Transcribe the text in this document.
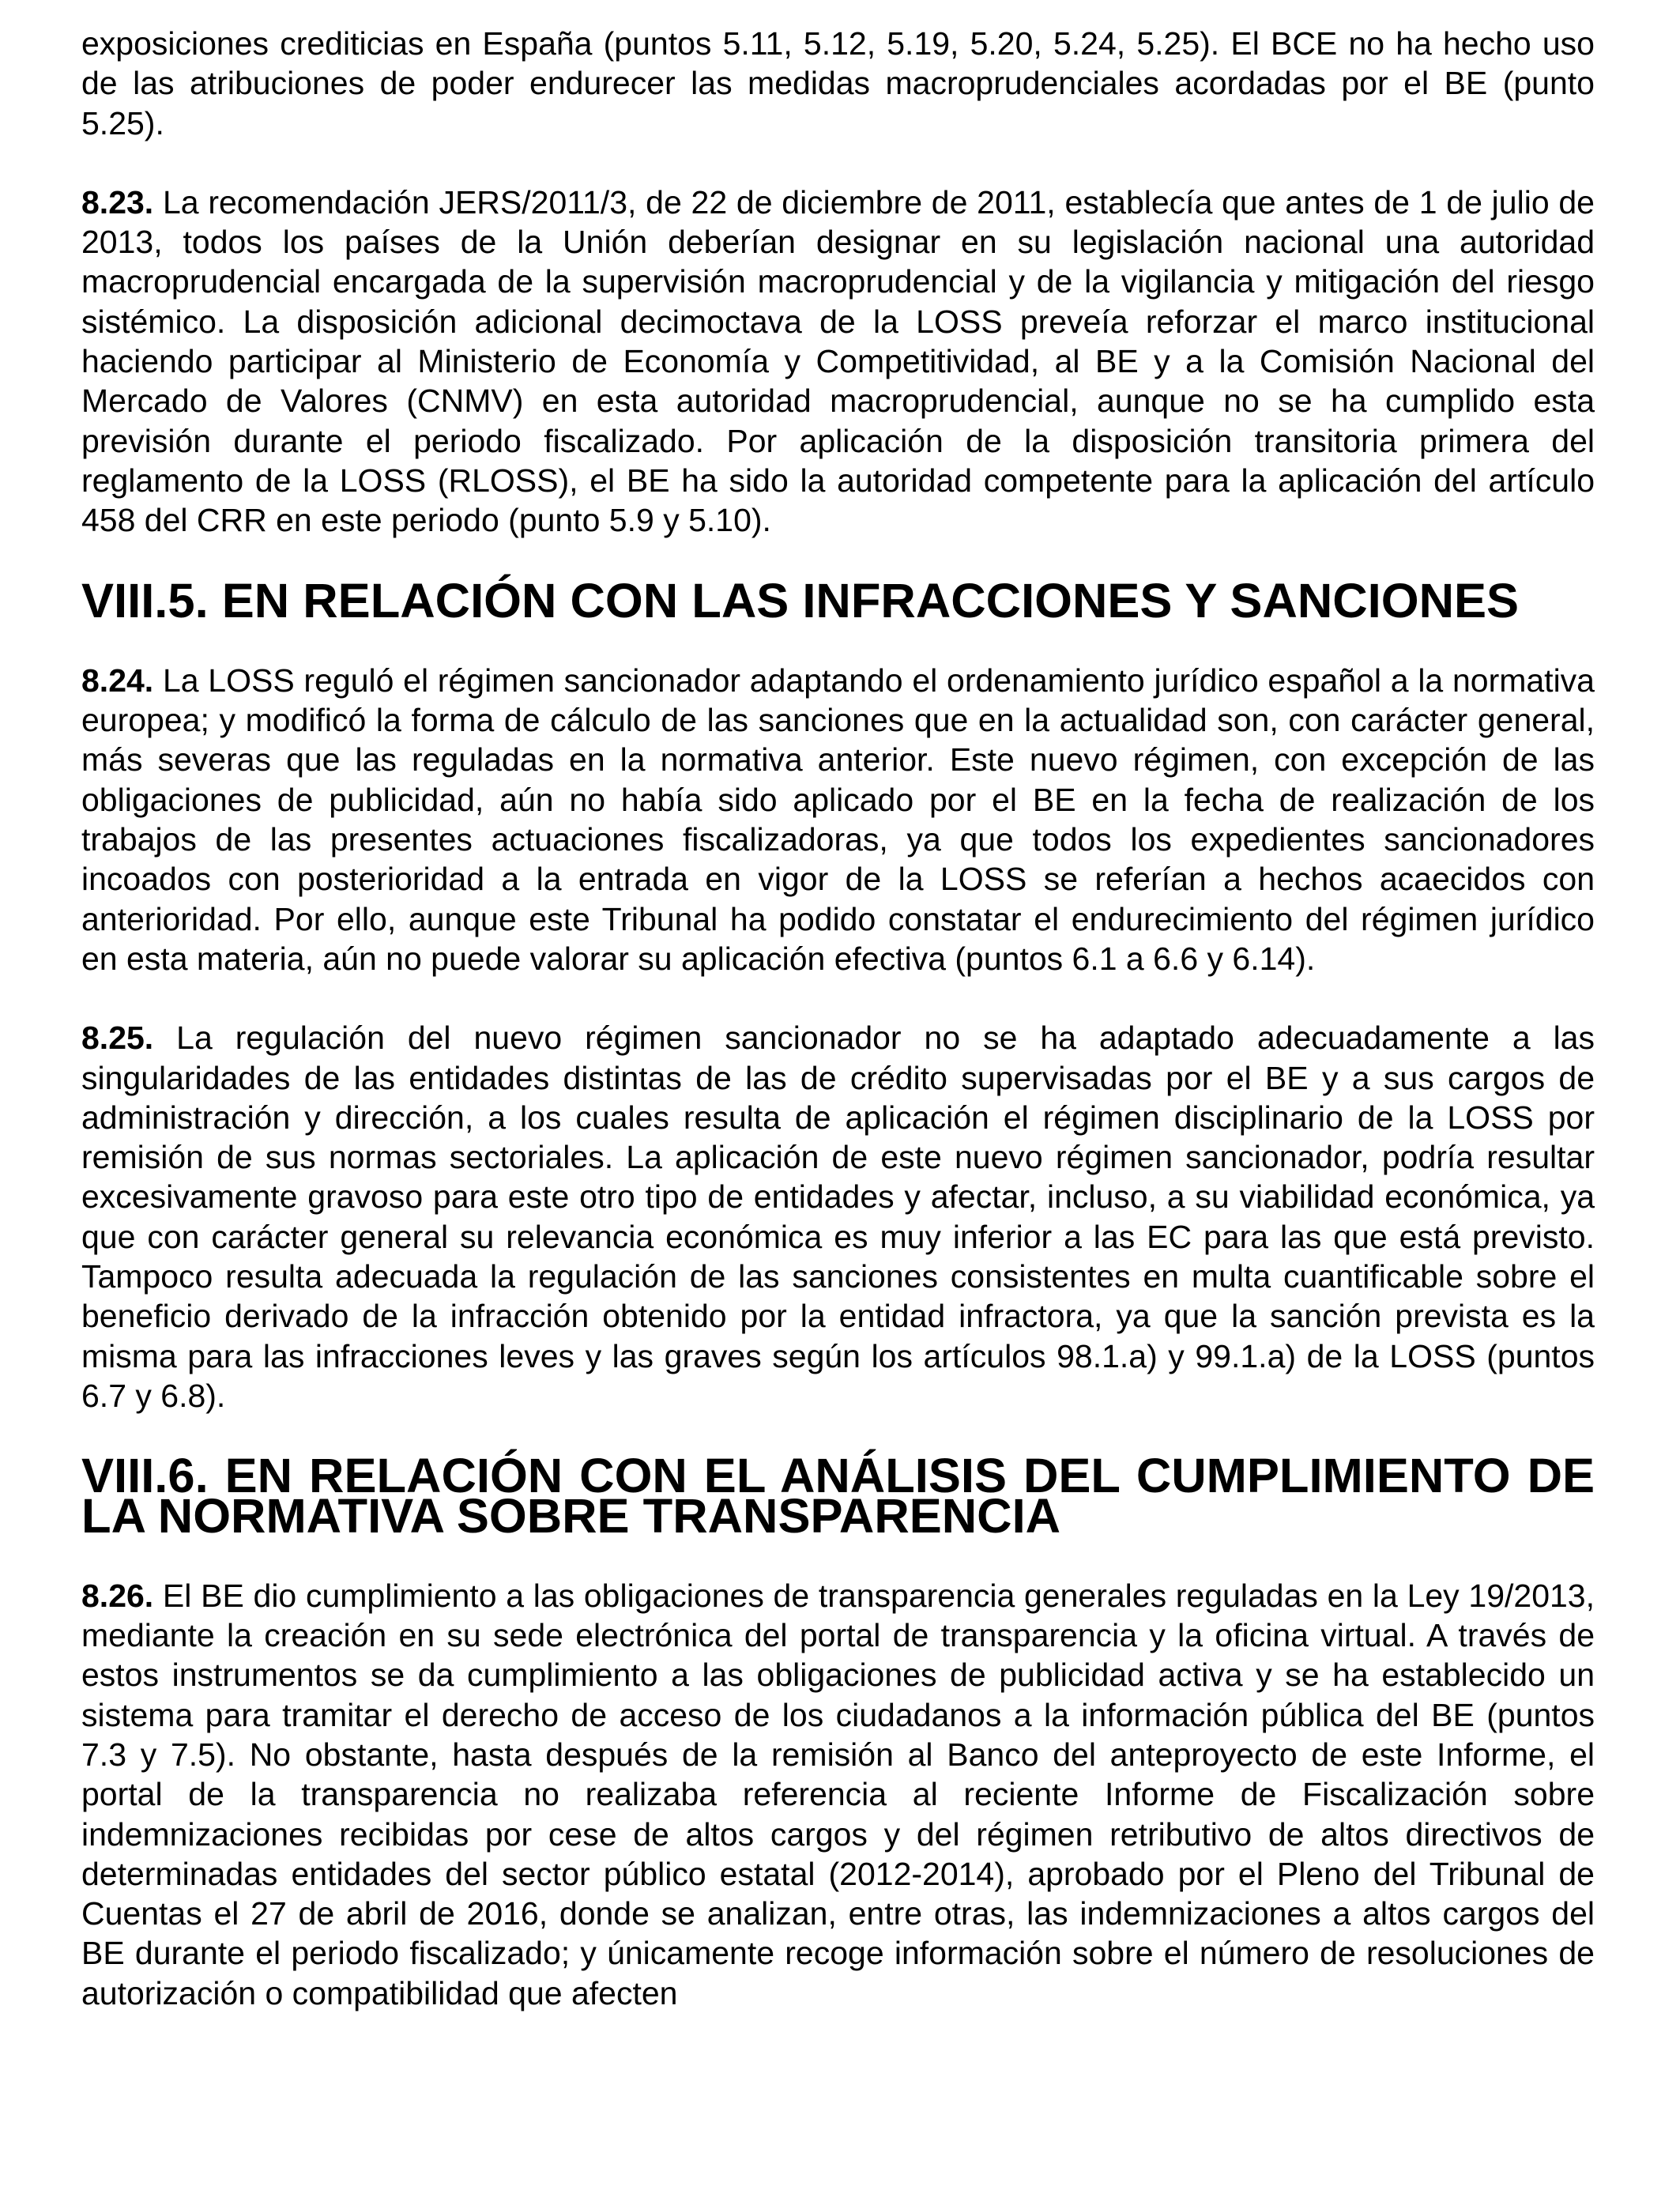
exposiciones crediticias en España (puntos 5.11, 5.12, 5.19, 5.20, 5.24, 5.25). El BCE no ha hecho uso de las atribuciones de poder endurecer las medidas macroprudenciales acordadas por el BE (punto 5.25).

8.23. La recomendación JERS/2011/3, de 22 de diciembre de 2011, establecía que antes de 1 de julio de 2013, todos los países de la Unión deberían designar en su legislación nacional una autoridad macroprudencial encargada de la supervisión macroprudencial y de la vigilancia y mitigación del riesgo sistémico. La disposición adicional decimoctava de la LOSS preveía reforzar el marco institucional haciendo participar al Ministerio de Economía y Competitividad, al BE y a la Comisión Nacional del Mercado de Valores (CNMV) en esta autoridad macroprudencial, aunque no se ha cumplido esta previsión durante el periodo fiscalizado. Por aplicación de la disposición transitoria primera del reglamento de la LOSS (RLOSS), el BE ha sido la autoridad competente para la aplicación del artículo 458 del CRR en este periodo (punto 5.9 y 5.10).

VIII.5. EN RELACIÓN CON LAS INFRACCIONES Y SANCIONES

8.24. La LOSS reguló el régimen sancionador adaptando el ordenamiento jurídico español a la normativa europea; y modificó la forma de cálculo de las sanciones que en la actualidad son, con carácter general, más severas que las reguladas en la normativa anterior. Este nuevo régimen, con excepción de las obligaciones de publicidad, aún no había sido aplicado por el BE en la fecha de realización de los trabajos de las presentes actuaciones fiscalizadoras, ya que todos los expedientes sancionadores incoados con posterioridad a la entrada en vigor de la LOSS se referían a hechos acaecidos con anterioridad. Por ello, aunque este Tribunal ha podido constatar el endurecimiento del régimen jurídico en esta materia, aún no puede valorar su aplicación efectiva (puntos 6.1 a 6.6 y 6.14).

8.25. La regulación del nuevo régimen sancionador no se ha adaptado adecuadamente a las singularidades de las entidades distintas de las de crédito supervisadas por el BE y a sus cargos de administración y dirección, a los cuales resulta de aplicación el régimen disciplinario de la LOSS por remisión de sus normas sectoriales. La aplicación de este nuevo régimen sancionador, podría resultar excesivamente gravoso para este otro tipo de entidades y afectar, incluso, a su viabilidad económica, ya que con carácter general su relevancia económica es muy inferior a las EC para las que está previsto. Tampoco resulta adecuada la regulación de las sanciones consistentes en multa cuantificable sobre el beneficio derivado de la infracción obtenido por la entidad infractora, ya que la sanción prevista es la misma para las infracciones leves y las graves según los artículos 98.1.a) y 99.1.a) de la LOSS (puntos 6.7 y 6.8).

VIII.6. EN RELACIÓN CON EL ANÁLISIS DEL CUMPLIMIENTO DE LA NORMATIVA SOBRE TRANSPARENCIA

8.26. El BE dio cumplimiento a las obligaciones de transparencia generales reguladas en la Ley 19/2013, mediante la creación en su sede electrónica del portal de transparencia y la oficina virtual. A través de estos instrumentos se da cumplimiento a las obligaciones de publicidad activa y se ha establecido un sistema para tramitar el derecho de acceso de los ciudadanos a la información pública del BE (puntos 7.3 y 7.5). No obstante, hasta después de la remisión al Banco del anteproyecto de este Informe, el portal de la transparencia no realizaba referencia al reciente Informe de Fiscalización sobre indemnizaciones recibidas por cese de altos cargos y del régimen retributivo de altos directivos de determinadas entidades del sector público estatal (2012-2014), aprobado por el Pleno del Tribunal de Cuentas el 27 de abril de 2016, donde se analizan, entre otras, las indemnizaciones a altos cargos del BE durante el periodo fiscalizado; y únicamente recoge información sobre el número de resoluciones de autorización o compatibilidad que afecten
